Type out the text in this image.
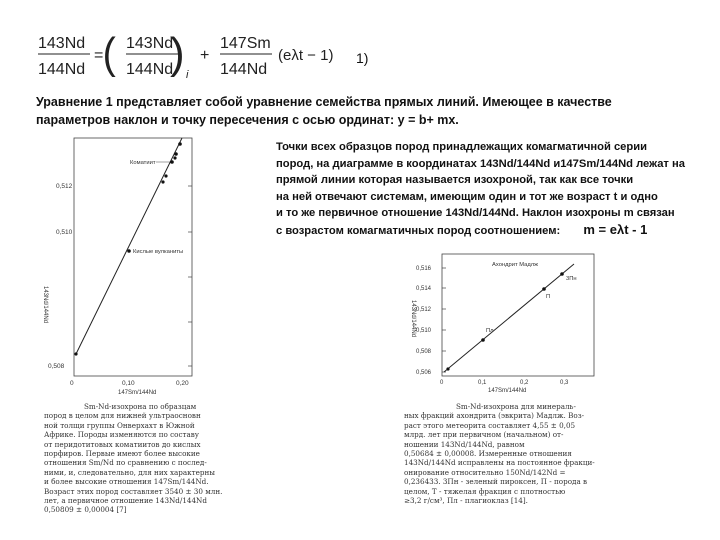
143Nd
144Nd
= ( 143Nd
144Nd
) i
+
147Sm
144Nd
(eλt − 1) 1)
Уравнение 1 представляет собой уравнение семейства прямых линий. Имеющее в качестве
параметров наклон и точку пересечения с осью ординат: y = b+ mx.
Точки всех образцов пород принадлежащих комагматичной серии
пород, на диаграмме в координатах 143Nd/144Nd и147Sm/144Nd лежат на
прямой линии которая называется изохроной, так как все точки
на ней отвечают системам, имеющим один и тот же возраст t и одно
и то же первичное отношение 143Nd/144Nd. Наклон изохроны m связан
с возрастом комагматичных пород соотношением: m = eλt - 1
0,512
0,510
0,508
0	0,10	0,20
147Sm/144Nd
143Nd/144Nd
Коматиит
Кислые вулканиты
0,516
0,514
0,512
0,510
0,508
0,506
0	0,1	0,2	0,3
147Sm/144Nd
143Nd/144Nd
Ахондрит Мадлж
3Пн
П
Пл
Sm-Nd-изохрона по образцам
пород в целом для нижней ультраосновн
ной толщи группы Онверхахт в Южной
Африке. Породы изменяются по составу
от перидотитовых коматиитов до кислых
порфиров. Первые имеют более высокие
отношения Sm/Nd по сравнению с послед-
ними, и, следовательно, для них характерны
и более высокие отношения 147Sm/144Nd.
Возраст этих пород составляет 3540 ± 30 млн.
лет, а первичное отношение 143Nd/144Nd
0,50809 ± 0,00004 [7]
Sm-Nd-изохрона для минераль-
ных фракций ахондрита (эвкрита) Мадлж. Воз-
раст этого метеорита составляет 4,55 ± 0,05
млрд. лет при первичном (начальном) от-
ношении 143Nd/144Nd, равном
0,50684 ± 0,00008. Измеренные отношения
143Nd/144Nd исправлены на постоянное фракци-
онирование относительно 150Nd/142Nd =
0,236433. 3Пн - зеленый пироксен, П - порода в
целом, Т - тяжелая фракция с плотностью
≥3,2 г/см³, Пл - плагиоклаз [14].
